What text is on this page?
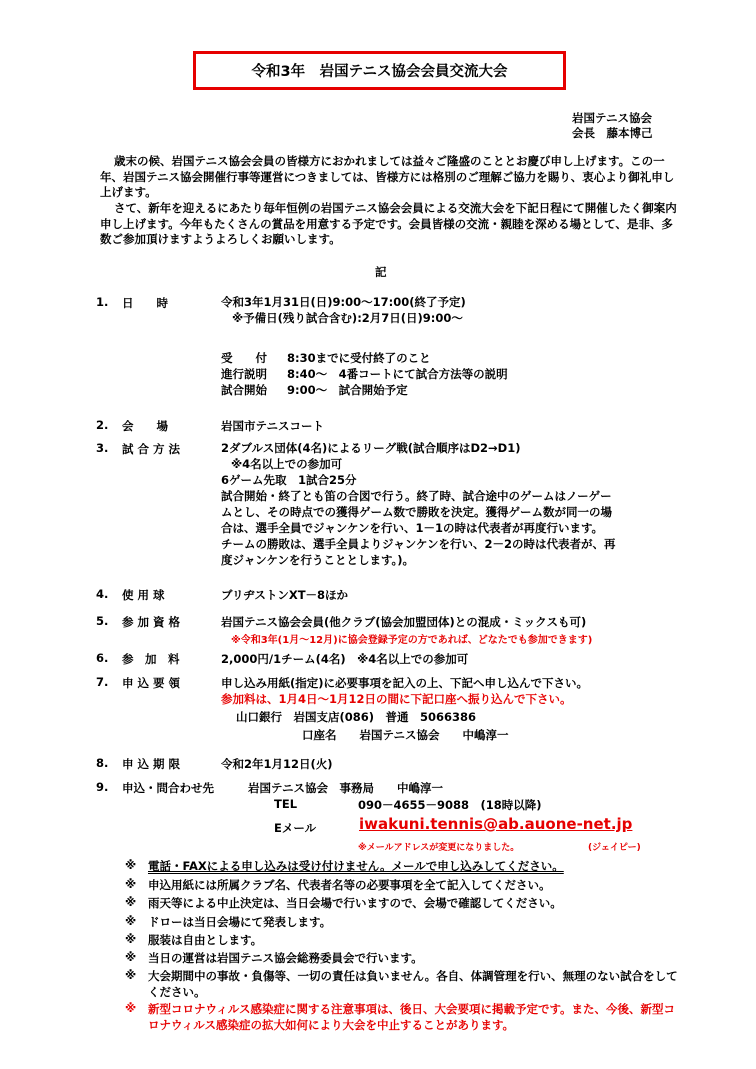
令和3年　岩国テニス協会会員交流大会
岩国テニス協会
会長　藤本博己
歳末の候、岩国テニス協会会員の皆様方におかれましては益々ご隆盛のこととお慶び申し上げます。この一年、岩国テニス協会開催行事等運営につきましては、皆様方には格別のご理解ご協力を賜り、衷心より御礼申し上げます。
さて、新年を迎えるにあたり毎年恒例の岩国テニス協会会員による交流大会を下記日程にて開催したく御案内申し上げます。今年もたくさんの賞品を用意する予定です。会員皆様の交流・親睦を深める場として、是非、多数ご参加頂けますようよろしくお願いします。
記
1. 日　　時	令和3年1月31日(日)9:00～17:00(終了予定)
※予備日(残り試合含む):2月7日(日)9:00～
受　　付 8:30までに受付終了のこと
進行説明 8:40～　4番コートにて試合方法等の説明
試合開始 9:00～　試合開始予定
2. 会　　場	岩国市テニスコート
3. 試 合 方 法	2ダブルス団体(4名)によるリーグ戦(試合順序はD2→D1)
※4名以上での参加可
6ゲーム先取　1試合25分
試合開始・終了とも笛の合図で行う。終了時、試合途中のゲームはノーゲー
ムとし、その時点での獲得ゲーム数で勝敗を決定。獲得ゲーム数が同一の場
合は、選手全員でジャンケンを行い、1－1の時は代表者が再度行います。
チームの勝敗は、選手全員よりジャンケンを行い、2－2の時は代表者が、再
度ジャンケンを行うこととします。)。
4. 使 用 球	ブリヂストンXT－8ほか
5. 参 加 資 格	岩国テニス協会会員(他クラブ(協会加盟団体)との混成・ミックスも可)
※令和3年(1月～12月)に協会登録予定の方であれば、どなたでも参加できます)
6. 参　加　料	2,000円/1チーム(4名)　※4名以上での参加可
7. 申 込 要 領	申し込み用紙(指定)に必要事項を記入の上、下記へ申し込んで下さい。
参加料は、1月4日～1月12日の間に下記口座へ振り込んで下さい。
山口銀行　岩国支店(086)　普通　5066386
口座名　　岩国テニス協会　　中嶋淳一
8. 申 込 期 限	令和2年1月12日(火)
9. 申込・問合わせ先	岩国テニス協会　事務局　　中嶋淳一
TEL	090－4655－9088　(18時以降)
Eメール	iwakuni.tennis@ab.auone-net.jp
※メールアドレスが変更になりました。	(ジェイピー)
※ 電話・FAXによる申し込みは受け付けません。メールで申し込みしてください。
※ 申込用紙には所属クラブ名、代表者名等の必要事項を全て記入してください。
※ 雨天等による中止決定は、当日会場で行いますので、会場で確認してください。
※ ドローは当日会場にて発表します。
※ 服装は自由とします。
※ 当日の運営は岩国テニス協会総務委員会で行います。
※ 大会期間中の事故・負傷等、一切の責任は負いません。各自、体調管理を行い、無理のない試合をしてください。
※ 新型コロナウィルス感染症に関する注意事項は、後日、大会要項に掲載予定です。また、今後、新型コロナウィルス感染症の拡大如何により大会を中止することがあります。
